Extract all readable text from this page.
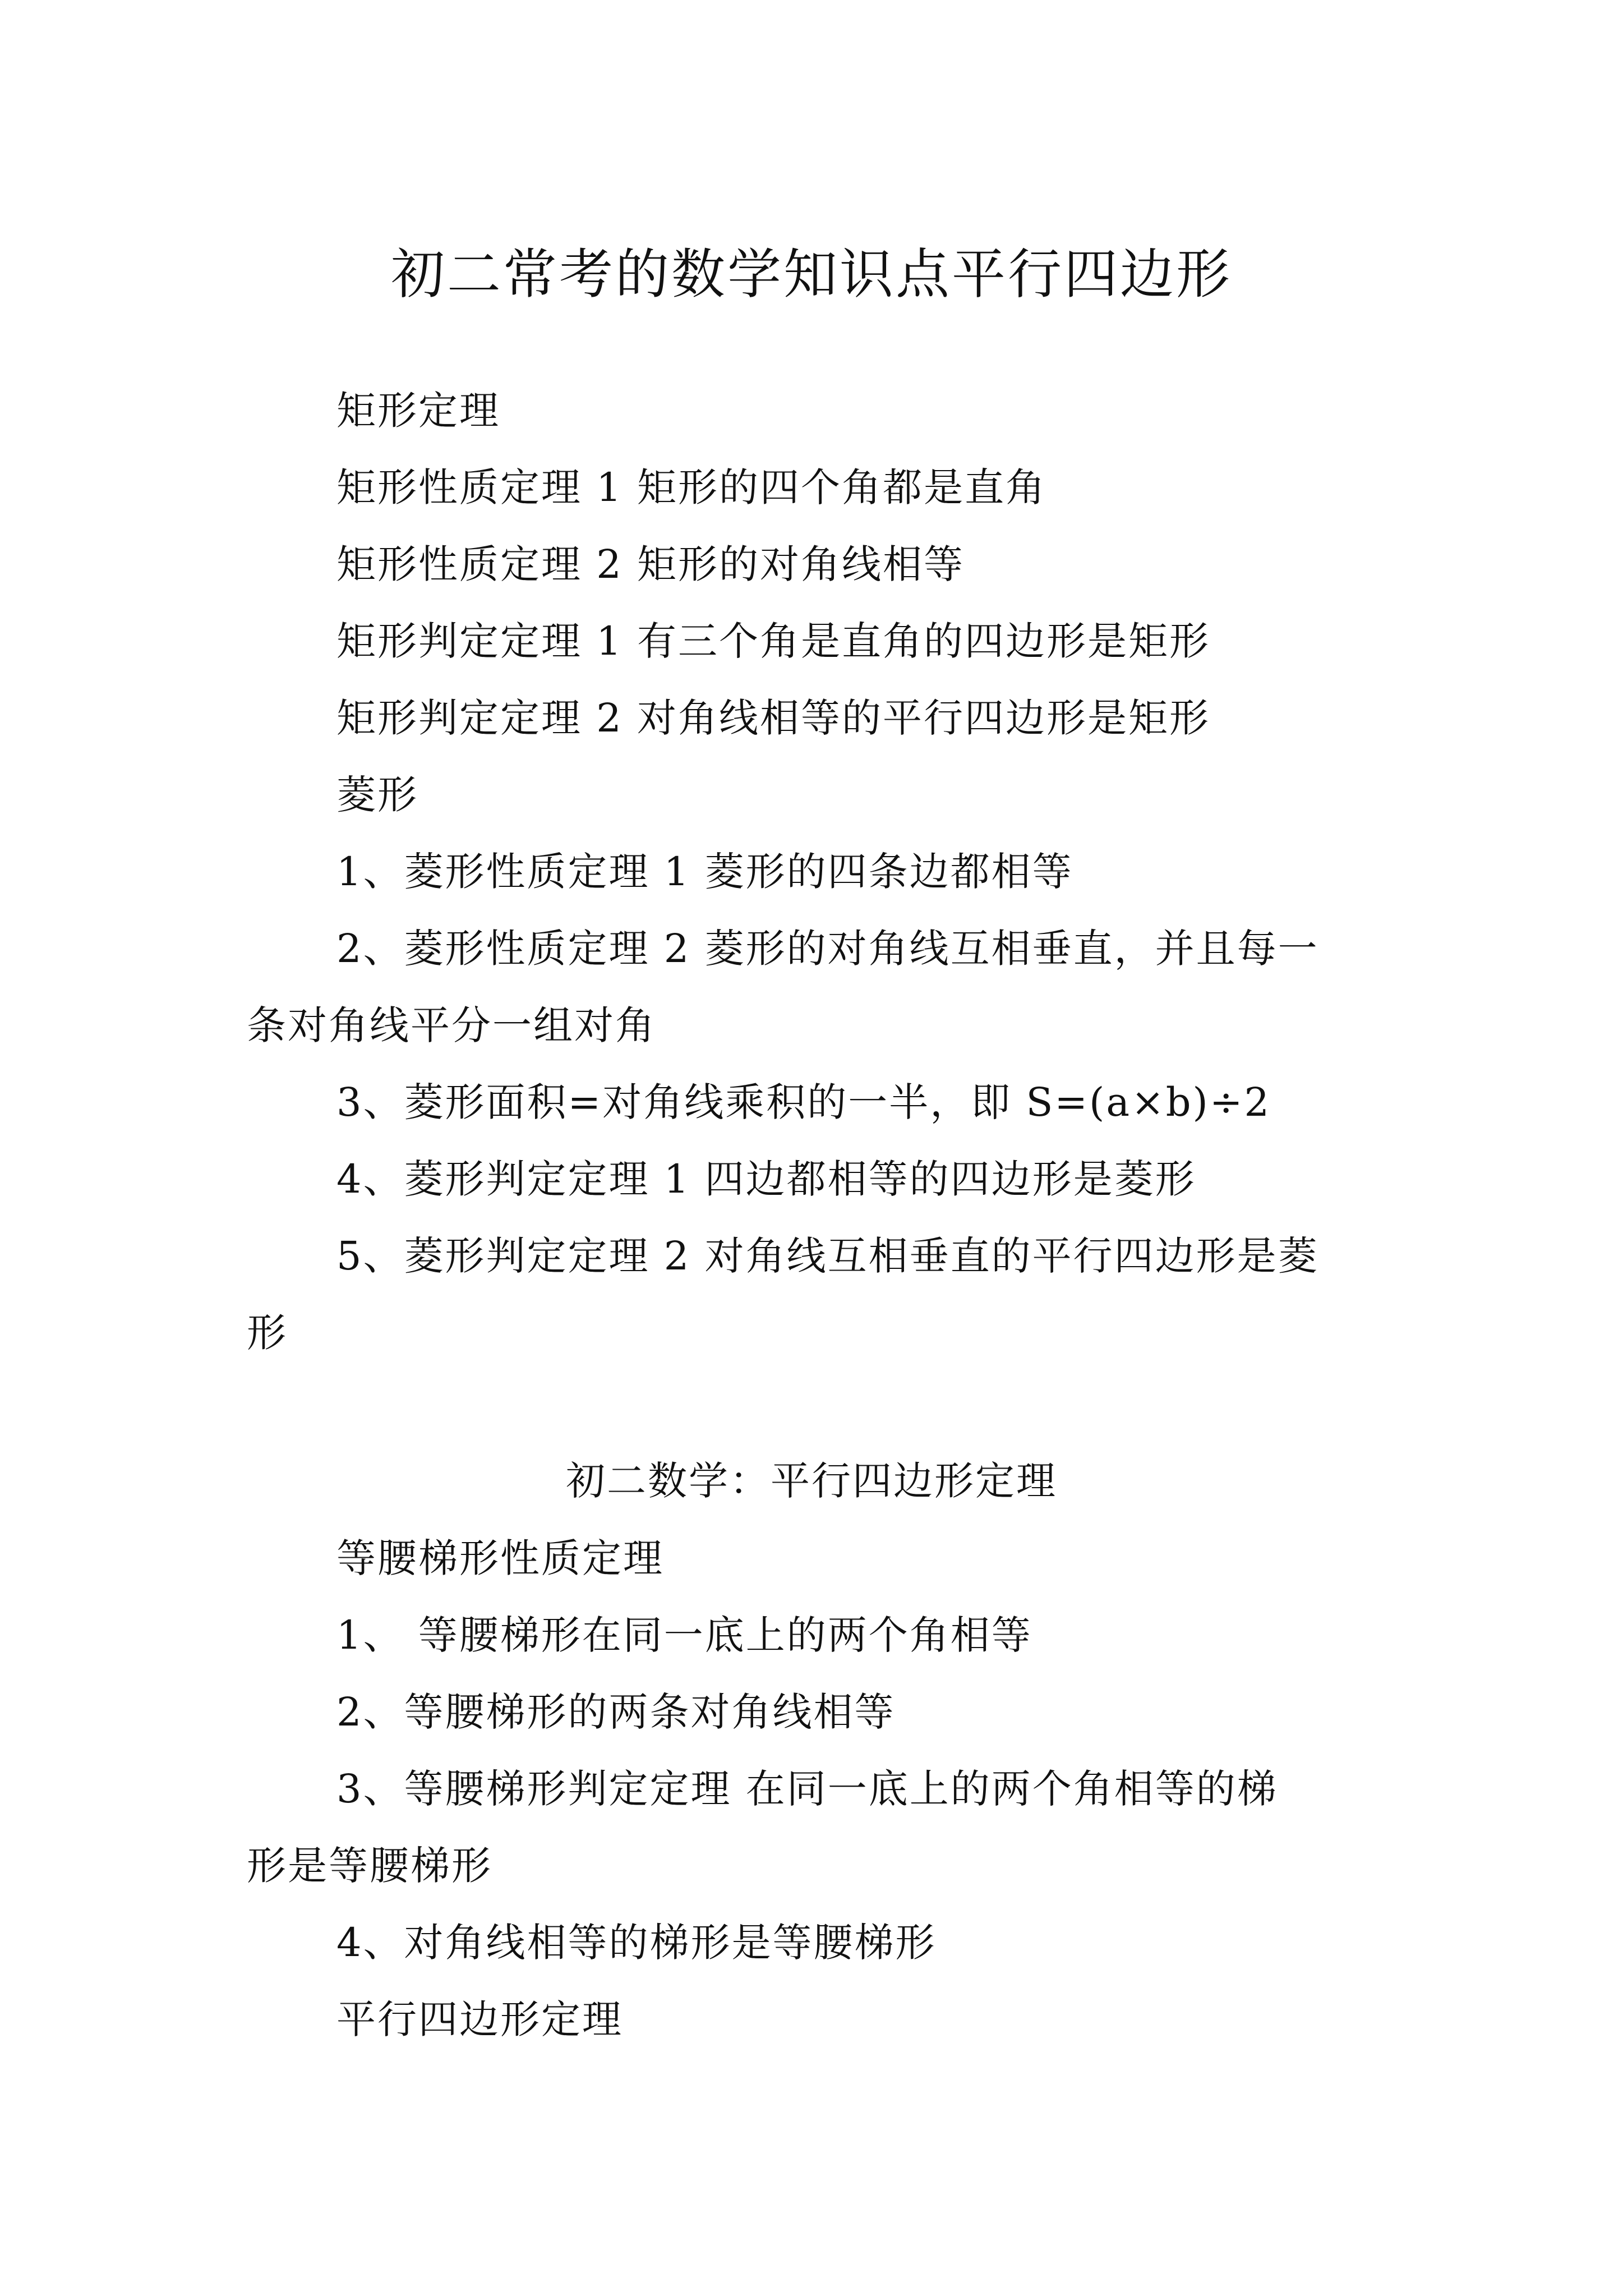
初二常考的数学知识点平行四边形
矩形定理
矩形性质定理 1 矩形的四个角都是直角
矩形性质定理 2 矩形的对角线相等
矩形判定定理 1 有三个角是直角的四边形是矩形
矩形判定定理 2 对角线相等的平行四边形是矩形
菱形
1、菱形性质定理 1 菱形的四条边都相等
2、菱形性质定理 2 菱形的对角线互相垂直，并且每一
条对角线平分一组对角
3、菱形面积=对角线乘积的一半，即 S=(a×b)÷2
4、菱形判定定理 1 四边都相等的四边形是菱形
5、菱形判定定理 2 对角线互相垂直的平行四边形是菱
形
初二数学：平行四边形定理
等腰梯形性质定理
1、 等腰梯形在同一底上的两个角相等
2、等腰梯形的两条对角线相等
3、等腰梯形判定定理 在同一底上的两个角相等的梯
形是等腰梯形
4、对角线相等的梯形是等腰梯形
平行四边形定理
